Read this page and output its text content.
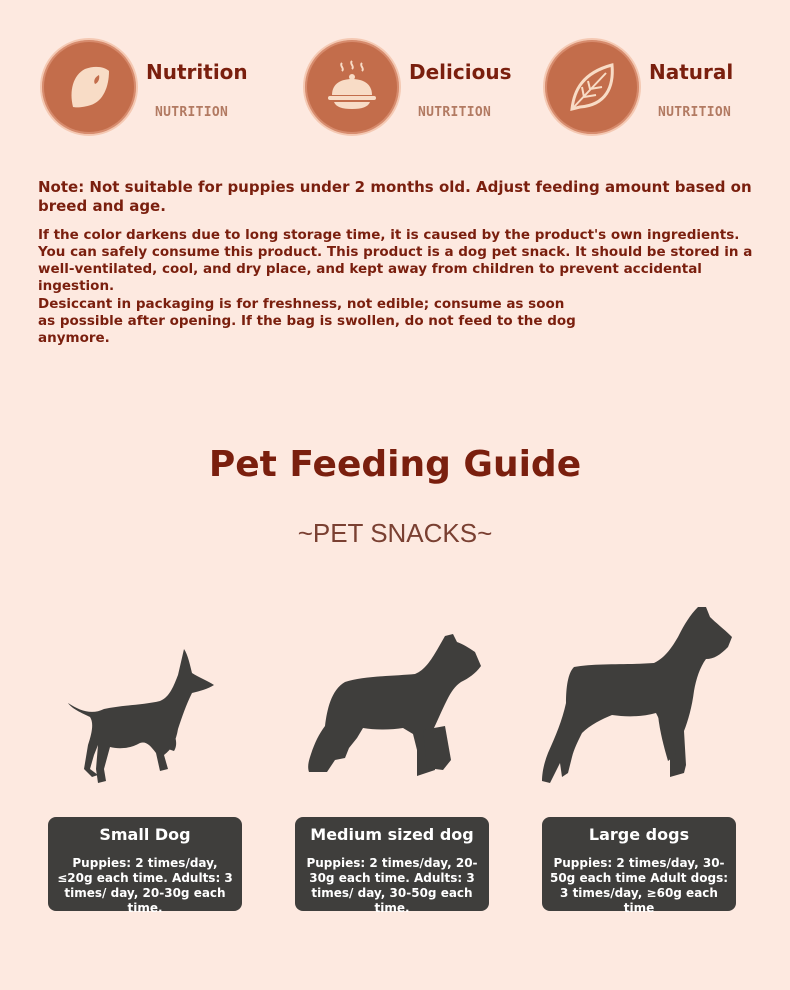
Nutrition
NUTRITION
Delicious
NUTRITION
Natural
NUTRITION
Note: Not suitable for puppies under 2 months old. Adjust feeding amount based on breed and age.
If the color darkens due to long storage time, it is caused by the product's own ingredients. You can safely consume this product. This product is a dog pet snack. It should be stored in a well-ventilated, cool, and dry place, and kept away from children to prevent accidental ingestion.
Desiccant in packaging is for freshness, not edible; consume as soon as possible after opening. If the bag is swollen, do not feed to the dog anymore.
Pet Feeding Guide
~PET SNACKS~
Small Dog
Puppies: 2 times/day, ≤20g each time. Adults: 3 times/ day, 20-30g each time.
Medium sized dog
Puppies: 2 times/day, 20-30g each time. Adults: 3 times/ day, 30-50g each time.
Large dogs
Puppies: 2 times/day, 30-50g each time Adult dogs: 3 times/day, ≥60g each time
